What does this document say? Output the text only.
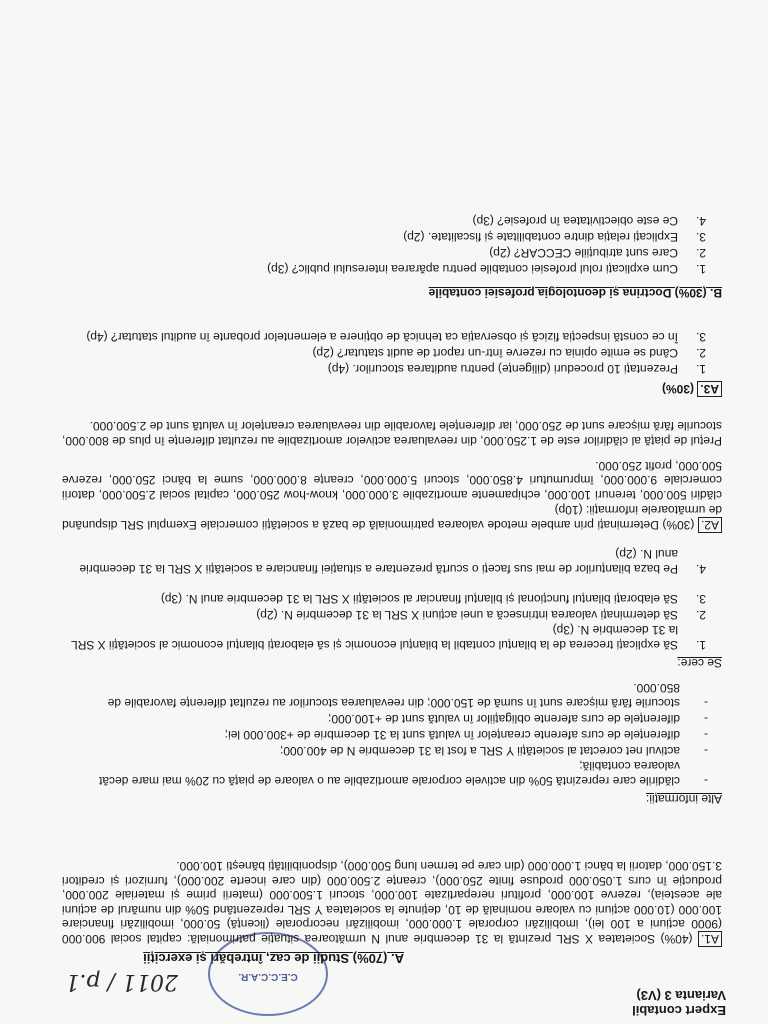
Expert contabil
Varianta 3 (V3)
C.E.C.C.A.R.
2011 / p.1
A. (70%) Studii de caz, întrebări și exerciții

A1. (40%) Societatea X SRL prezintă la 31 decembrie anul N următoarea situație patrimonială: capital social 900.000 (9000 acțiuni a 100 lei), imobilizări corporale 1.000.000, imobilizări necorporale (licență) 50.000, imobilizări financiare 100.000 (10.000 acțiuni cu valoare nominală de 10, deținute la societatea Y SRL reprezentând 50% din numărul de acțiuni ale acesteia), rezerve 100.000, profituri nerepartizate 100.000, stocuri 1.500.000 (materii prime și materiale 200.000, producție în curs 1.050.000 produse finite 250.000), creanțe 2.500.000 (din care incerte 200.000), furnizori și creditori 3.150.000, datorii la bănci 1.000.000 (din care pe termen lung 500.000), disponibilități bănești 100.000.

Alte informații:
-
clădirile care reprezintă 50% din activele corporale amortizabile au o valoare de piață cu 20% mai mare decât valoarea contabilă;
-
activul net corectat al societății Y SRL a fost la 31 decembrie N de 400.000;
-
diferențele de curs aferente creanțelor în valută sunt la 31 decembrie de +300.000 lei;
-
diferențele de curs aferente obligațiilor în valută sunt de +100.000;
-
stocurile fără mișcare sunt în sumă de 150.000; din reevaluarea stocurilor au rezultat diferențe favorabile de 850.000.
Se cere:
1.
Să explicați trecerea de la bilanțul contabil la bilanțul economic și să elaborați bilanțul economic al societății X SRL la 31 decembrie N. (3p)
2.
Să determinați valoarea intrinsecă a unei acțiuni X SRL la 31 decembrie N. (2p)
3.
Să elaborați bilanțul funcțional și bilanțul financiar al societății X SRL la 31 decembrie anul N. (3p)
4.
Pe baza bilanțurilor de mai sus faceți o scurtă prezentare a situației financiare a societății X SRL la 31 decembrie anul N. (2p)

A2. (30%) Determinați prin ambele metode valoarea patrimonială de bază a societății comerciale Exemplul SRL dispunând de următoarele informații: (10p)

clădiri 500.000, terenuri 100.000, echipamente amortizabile 3.000.000, know-how 250.000, capital social 2.500.000, datorii comerciale 9.000.000, împrumuturi 4.850.000, stocuri 5.000.000, creanțe 8.000.000, sume la bănci 250.000, rezerve 500.000, profit 250.000.
Prețul de piață al clădirilor este de 1.250.000, din reevaluarea activelor amortizabile au rezultat diferențe în plus de 800.000, stocurile fără mișcare sunt de 250.000, iar diferențele favorabile din reevaluarea creanțelor în valută sunt de 2.500.000.
A3. (30%)
1.
Prezentați 10 proceduri (diligențe) pentru auditarea stocurilor. (4p)
2.
Când se emite opinia cu rezerve într-un raport de audit statutar? (2p)
3.
În ce constă inspecția fizică și observația ca tehnică de obținere a elementelor probante în auditul statutar? (4p)
B. (30%) Doctrina și deontologia profesiei contabile
1.
Cum explicați rolul profesiei contabile pentru apărarea interesului public? (3p)
2.
Care sunt atribuțiile CECCAR? (2p)
3.
Explicați relația dintre contabilitate și fiscalitate. (2p)
4.
Ce este obiectivitatea în profesie? (3p)
